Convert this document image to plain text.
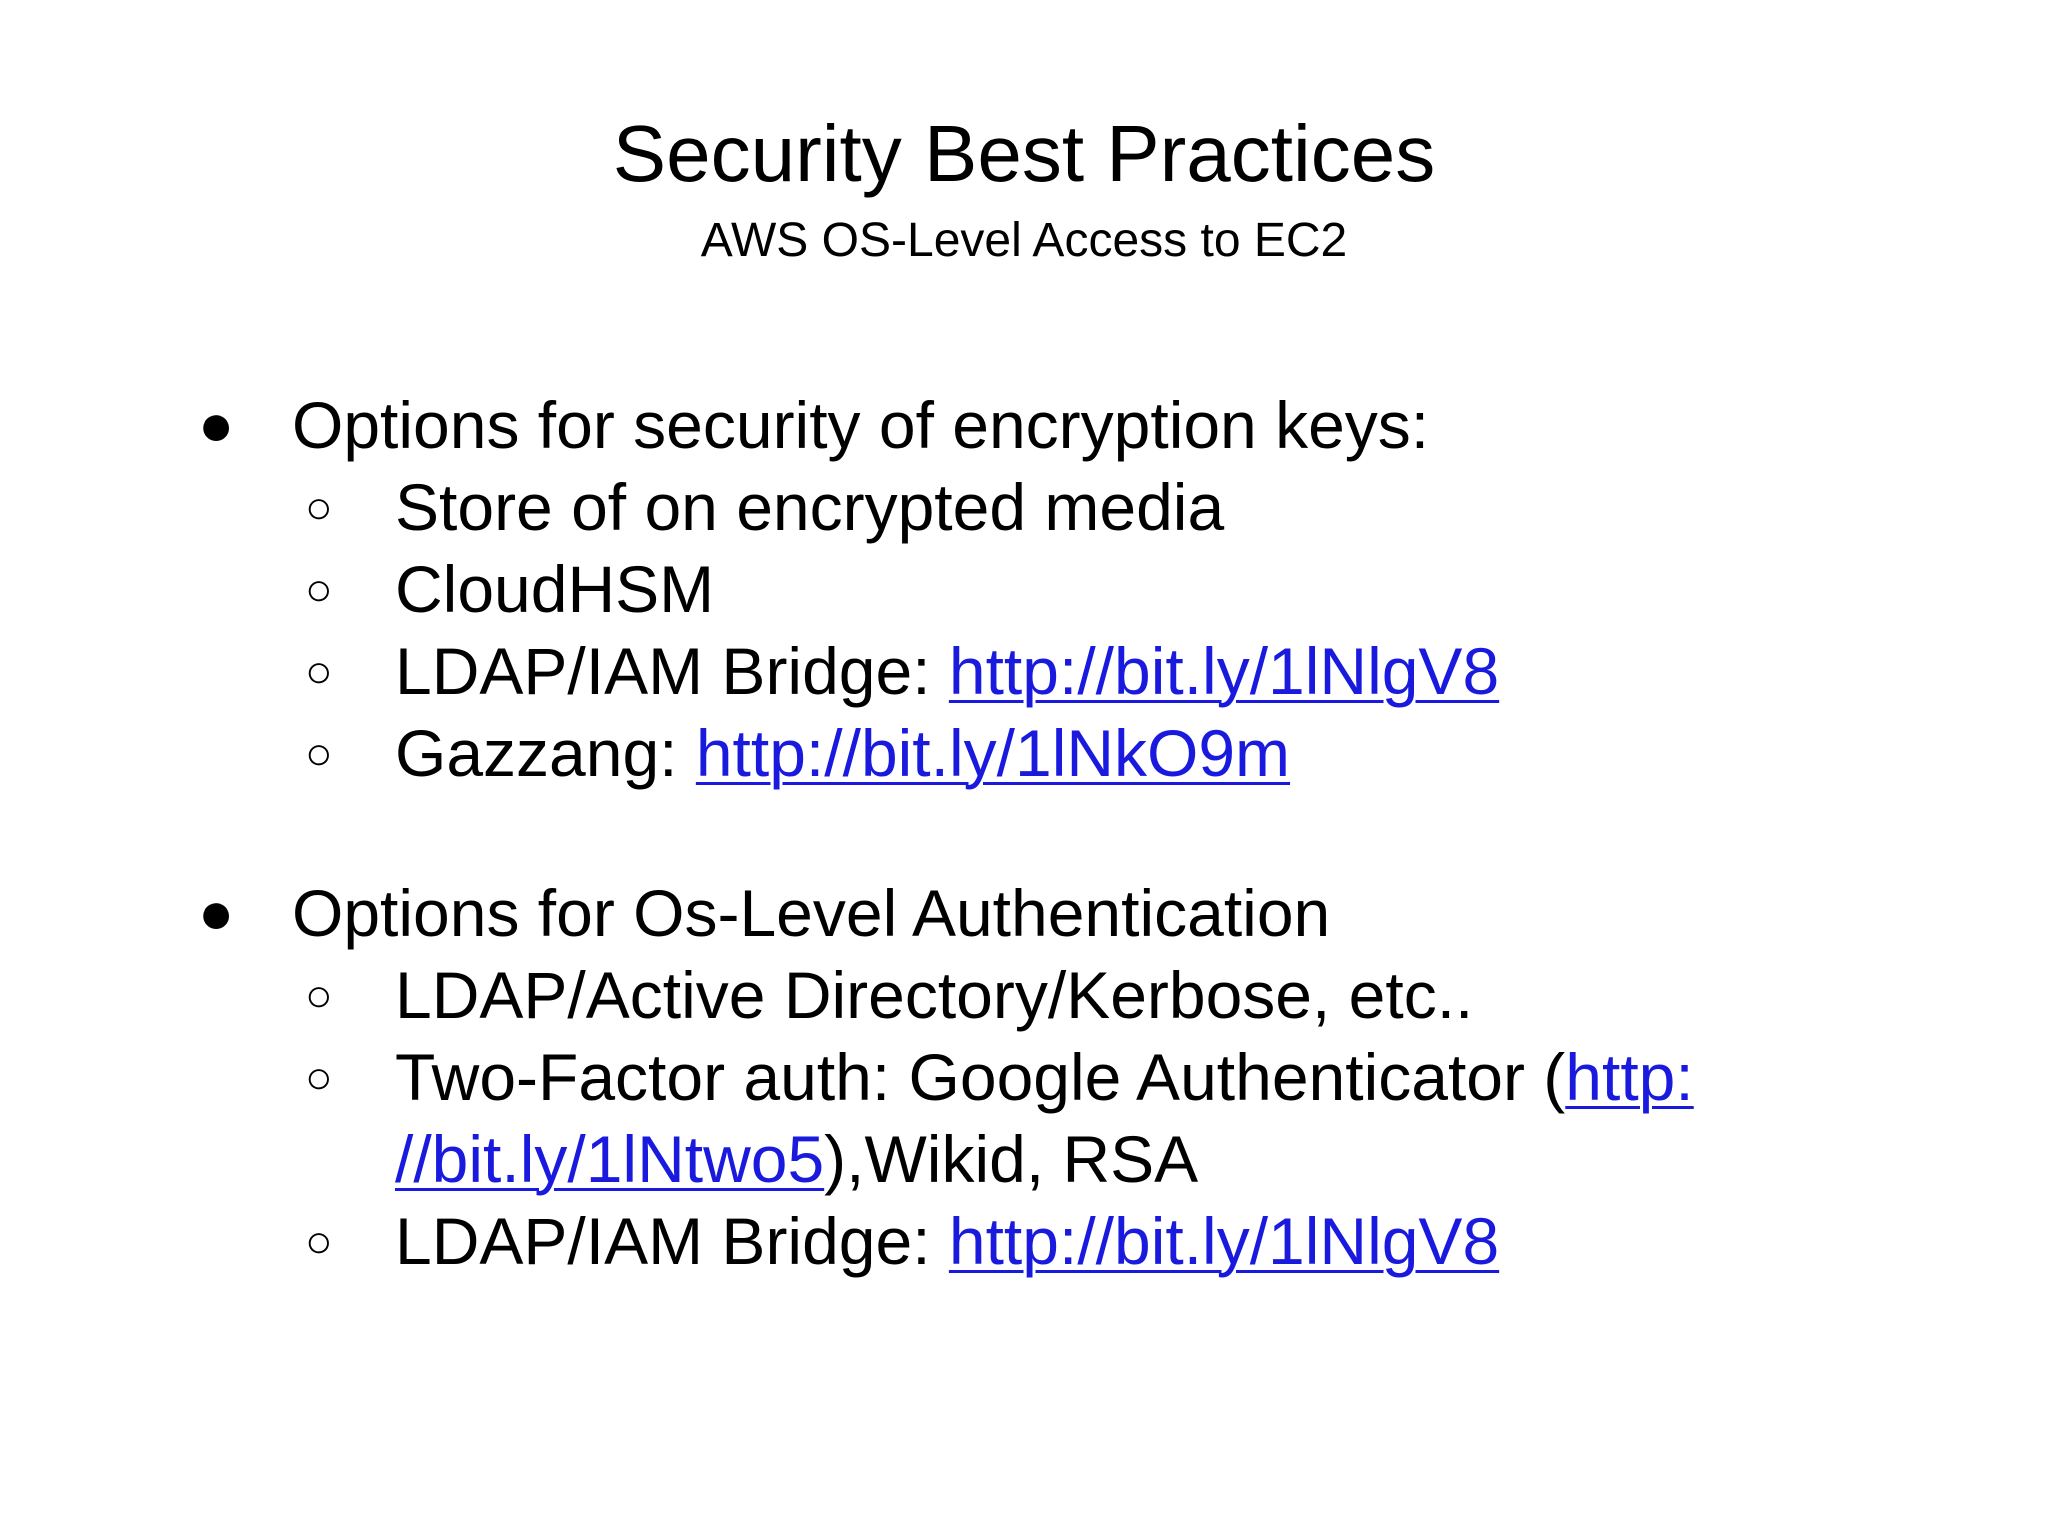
Security Best Practices
AWS OS-Level Access to EC2
● Options for security of encryption keys:
○ Store of on encrypted media
○ CloudHSM
○ LDAP/IAM Bridge: http://bit.ly/1lNlgV8
○ Gazzang: http://bit.ly/1lNkO9m
● Options for Os-Level Authentication
○ LDAP/Active Directory/Kerbose, etc..
○ Two-Factor auth: Google Authenticator (http:
//bit.ly/1lNtwo5),Wikid, RSA
○ LDAP/IAM Bridge: http://bit.ly/1lNlgV8
